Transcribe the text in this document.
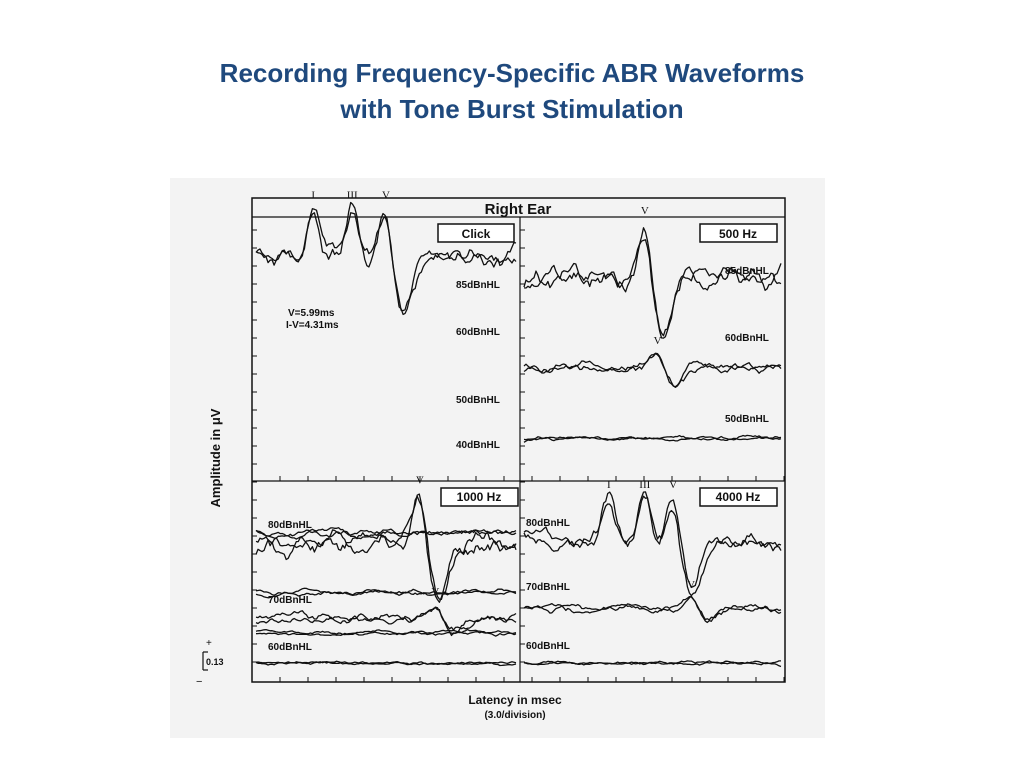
Recording Frequency-Specific ABR Waveforms
with Tone Burst Stimulation
Right Ear
85dBnHL
I	III V
60dBnHL
50dBnHL
40dBnHL
85dBnHL
V
60dBnHL
V
50dBnHL
80dBnHL
V
70dBnHL
V
60dBnHL
80dBnHL
I	III V
70dBnHL	V
60dBnHL
Click	500 Hz
1000 Hz	4000 Hz
V=5.99ms
I-V=4.31ms
Amplitude in μV
+
−
0.13
Latency in msec
(3.0/division)
